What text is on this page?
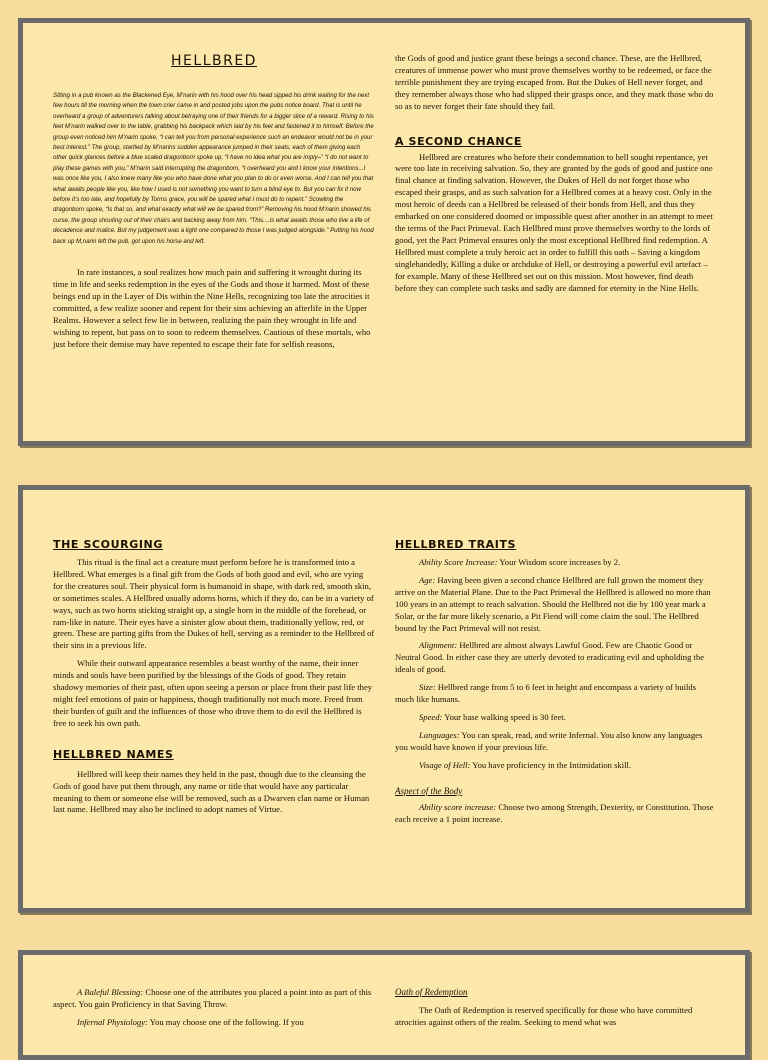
HELLBRED

Sitting in a pub known as the Blackened Eye, M’narin with his hood over his head sipped his drink waiting for the next few hours till the morning when the town crier came in and posted jobs upon the pubs notice board. That is until he overheard a group of adventurers talking about betraying one of their friends for a bigger slice of a reward. Rising to his feet M’narin walked over to the table, grabbing his backpack which laid by his feet and fastened it to himself. Before the group even noticed him M’narin spoke, “I can tell you from personal experience such an endeavor would not be in your best interest.” The group, startled by M’narins sudden appearance jumped in their seats, each of them giving each other quick glances before a blue scaled dragonborn spoke up, “I have no idea what you are imply–” “I do not want to play these games with you,” M’narin said interrupting the dragonborn, “I overheard you and I know your intentions...I was once like you, I also knew many like you who have done what you plan to do or even worse. And I can tell you that what awaits people like you, like how I used is not something you want to turn a blind eye to. But you can fix it now before it’s too late, and hopefully by Torms grace, you will be spared what I must do to repent.” Scowling the dragonborn spoke, “Is that so, and what exactly what will we be spared from?” Removing his hood M’narin showed his curse, the group shouting out of their chairs and backing away from him. “This....is what awaits those who live a life of decadence and malice. But my judgement was a light one compared to those I was judged alongside.” Putting his hood back up M,narin left the pub, got upon his horse and left.

In rare instances, a soul realizes how much pain and suffering it wrought during its time in life and seeks redemption in the eyes of the Gods and those it harmed. Most of these beings end up in the Layer of Dis within the Nine Hells, recognizing too late the atrocities it committed, a few realize sooner and repent for their sins achieving an afterlife in the Upper Realms. However a select few lie in between, realizing the pain they wrought in life and wishing to repent, but pass on to soon to redeem themselves. Cautious of these mortals, who just before their demise may have repented to escape their fate for selfish reasons,

the Gods of good and justice grant these beings a second chance. These, are the Hellbred, creatures of immense power who must prove themselves worthy to be redeemed, or face the terrible punishment they are trying escaped from. But the Dukes of Hell never forget, and they remember always those who had slipped their grasps once, and they mark those who do so as to never forget their fate should they fail.

A SECOND CHANCE

Hellbred are creatures who before their condemnation to hell sought repentance, yet were too late in receiving salvation. So, they are granted by the gods of good and justice one final chance at finding salvation. However, the Dukes of Hell do not forget those who escaped their grasps, and as such salvation for a Hellbred comes at a heavy cost. Only in the most heroic of deeds can a Hellbred be released of their bonds from Hell, and thus they embarked on one considered doomed or impossible quest after another in an attempt to meet the terms of the Pact Primeval. Each Hellbred must prove themselves worthy to the lords of good, yet the Pact Primeval ensures only the most exceptional Hellbred find redemption. A Hellbred must complete a truly heroic act in order to fulfill this oath – Saving a kingdom singlehandedly, Killing a duke or archduke of Hell, or destroying a powerful evil artefact – for example. Many of these Hellbred set out on this mission. Most however, find death before they can complete such tasks and sadly are damned for eternity in the Nine Hells.

THE SCOURGING

This ritual is the final act a creature must perform before he is transformed into a Hellbred. What emerges is a final gift from the Gods of both good and evil, who are vying for the creatures soul. Their physical form is humanoid in shape, with dark red, smooth skin, or sometimes scales. A Hellbred usually adorns horns, which if they do, can be in a variety of ways, such as two horns sticking straight up, a single horn in the middle of the forehead, or ram-like in nature. Their eyes have a sinister glow about them, traditionally yellow, red, or green. These are parting gifts from the Dukes of hell, serving as a reminder to the Hellbred of their sins in a previous life.

While their outward appearance resembles a beast worthy of the name, their inner minds and souls have been purified by the blessings of the Gods of good. They retain shadowy memories of their past, often upon seeing a person or place from their past life they might feel emotions of pain or happiness, though traditionally not much more. Freed from their burden of guilt and the influences of those who drove them to do evil the Hellbred is free to seek his own path.

HELLBRED NAMES

Hellbred will keep their names they held in the past, though due to the cleansing the Gods of good have put them through, any name or title that would have any particular meaning to them or someone else will be removed, such as a Dwarven clan name or Human last name. Hellbred may also be inclined to adopt names of Virtue.

HELLBRED TRAITS

Ability Score Increase: Your Wisdom score increases by 2.

Age: Having been given a second chance Hellbred are full grown the moment they arrive on the Material Plane. Due to the Pact Primeval the Hellbred is allowed no more than 100 years in an attempt to reach salvation. Should the Hellbred not die by 100 year mark a Solar, or the far more likely scenario, a Pit Fiend will come claim the soul. The Hellbred bound by the Pact Primeval will not resist.

Alignment: Hellbred are almost always Lawful Good. Few are Chaotic Good or Neutral Good. In either case they are utterly devoted to eradicating evil and upholding the ideals of good.

Size: Hellbred range from 5 to 6 feet in height and encompass a variety of builds much like humans.

Speed: Your base walking speed is 30 feet.

Languages: You can speak, read, and write Infernal. You also know any languages you would have known if your previous life.

Visage of Hell: You have proficiency in the Intimidation skill.

Aspect of the Body

Ability score increase: Choose two among Strength, Dexterity, or Constitution. Those each receive a 1 point increase.

A Baleful Blessing: Choose one of the attributes you placed a point into as part of this aspect. You gain Proficiency in that Saving Throw.

Infernal Physiology: You may choose one of the following. If you

Oath of Redemption

The Oath of Redemption is reserved specifically for those who have committed atrocities against others of the realm. Seeking to mend what was
